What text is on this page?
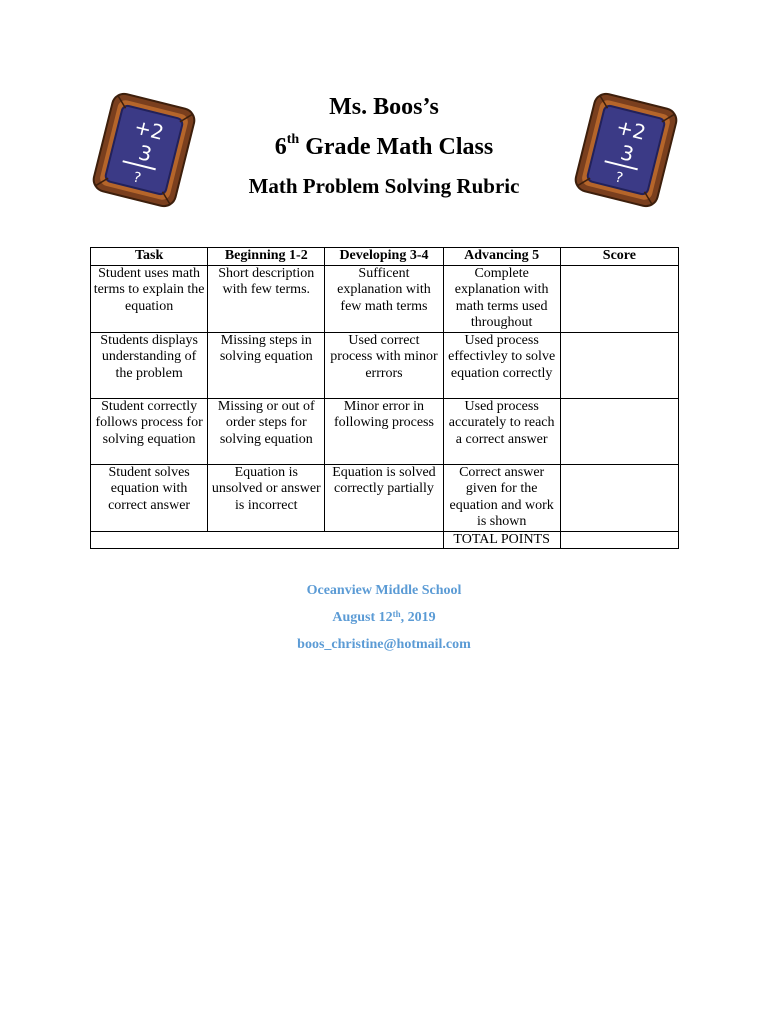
+2
3
?
+2
3
?
Ms. Boos’s
6th Grade Math Class
Math Problem Solving Rubric
Task	Beginning 1-2	Developing 3-4	Advancing 5	Score
Student uses math terms to explain the equation	Short description with few terms.	Sufficent explanation with few math terms	Complete explanation with math terms used throughout	
Students displays understanding of the problem	Missing steps in solving equation	Used correct process with minor errrors	Used process effectivley to solve equation correctly	
Student correctly follows process for solving equation	Missing or out of order steps for solving equation	Minor error in following process	Used process accurately to reach a correct answer	
Student solves equation with correct answer	Equation is unsolved or answer is incorrect	Equation is solved correctly partially	Correct answer given for the equation and work is shown	
			TOTAL POINTS	
Oceanview Middle School
August 12th, 2019
boos_christine@hotmail.com
